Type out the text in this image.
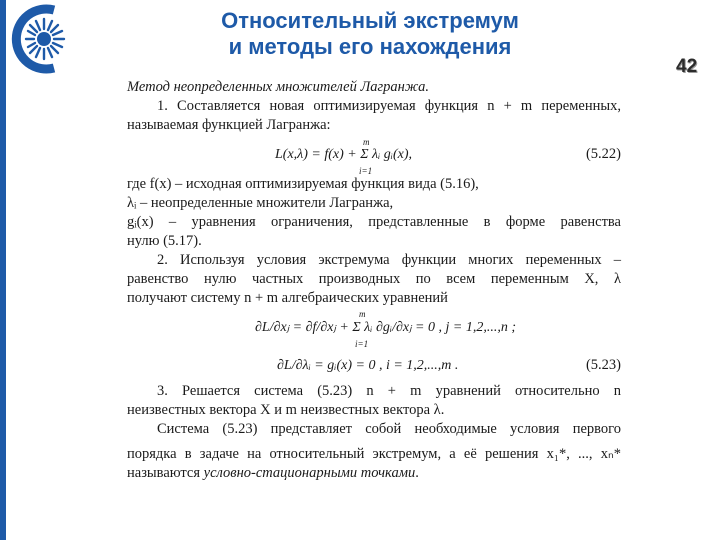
Относительный экстремум
и методы его нахождения
42

Метод неопределенных множителей Лагранжа.

1. Составляется новая оптимизируемая функция n + m переменных,

называемая функцией Лагранжа:

L(x,λ) = f(x) + Σ λᵢ gᵢ(x),
m
i=1
(5.22)

где f(x) – исходная оптимизируемая функция вида (5.16),

λᵢ – неопределенные множители Лагранжа,

gᵢ(x) – уравнения ограничения, представленные в форме равенства

нулю (5.17).

2. Используя условия экстремума функции многих переменных –

равенство нулю частных производных по всем переменным X, λ

получают систему n + m алгебраических уравнений

∂L/∂xⱼ = ∂f/∂xⱼ + Σ λᵢ ∂gᵢ/∂xⱼ = 0 , j = 1,2,...,n ;
m
i=1
∂L/∂λᵢ = gᵢ(x) = 0 , i = 1,2,...,m .	(5.23)

3. Решается система (5.23) n + m уравнений относительно n

неизвестных вектора X и m неизвестных вектора λ.

Система (5.23) представляет собой необходимые условия первого

порядка в задаче на относительный экстремум, а её решения x₁*, ..., xₙ*

называются условно-стационарными точками.
